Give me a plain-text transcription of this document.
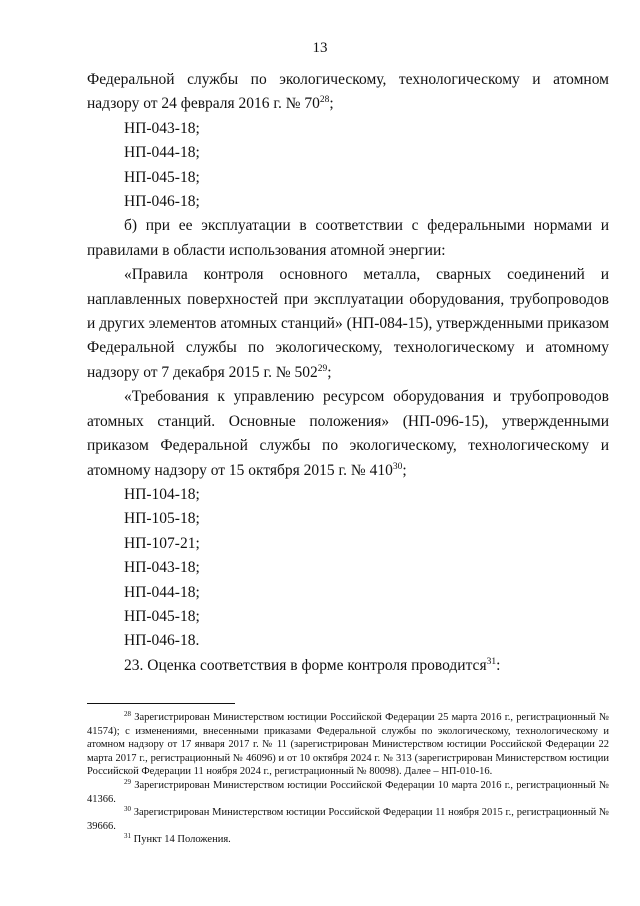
13

Федеральной службы по экологическому, технологическому и атомном надзору от 24 февраля 2016 г. № $70^{28}$;

НП-043-18;

НП-044-18;

НП-045-18;

НП-046-18;

б) при ее эксплуатации в соответствии с федеральными нормами и правилами в области использования атомной энергии:

«Правила контроля основного металла, сварных соединений и наплавленных поверхностей при эксплуатации оборудования, трубопроводов и других элементов атомных станций» (НП-084-15), утвержденными приказом Федеральной службы по экологическому, технологическому и атомному надзору от 7 декабря 2015 г. № $502^{29}$;

«Требования к управлению ресурсом оборудования и трубопроводов атомных станций. Основные положения» (НП-096-15), утвержденными приказом Федеральной службы по экологическому, технологическому и атомному надзору от 15 октября 2015 г. № $410^{30}$;

НП-104-18;

НП-105-18;

НП-107-21;

НП-043-18;

НП-044-18;

НП-045-18;

НП-046-18.

23. Оценка соответствия в форме контроля проводится$^{31}$:

$^{28}$ Зарегистрирован Министерством юстиции Российской Федерации 25 марта 2016 г., регистрационный № 41574); с изменениями, внесенными приказами Федеральной службы по экологическому, технологическому и атомном надзору от 17 января 2017 г. № 11 (зарегистрирован Министерством юстиции Российской Федерации 22 марта 2017 г., регистрационный № 46096) и от 10 октября 2024 г. № 313 (зарегистрирован Министерством юстиции Российской Федерации 11 ноября 2024 г., регистрационный № 80098). Далее – НП-010-16.

$^{29}$ Зарегистрирован Министерством юстиции Российской Федерации 10 марта 2016 г., регистрационный № 41366.

$^{30}$ Зарегистрирован Министерством юстиции Российской Федерации 11 ноября 2015 г., регистрационный № 39666.

$^{31}$ Пункт 14 Положения.
